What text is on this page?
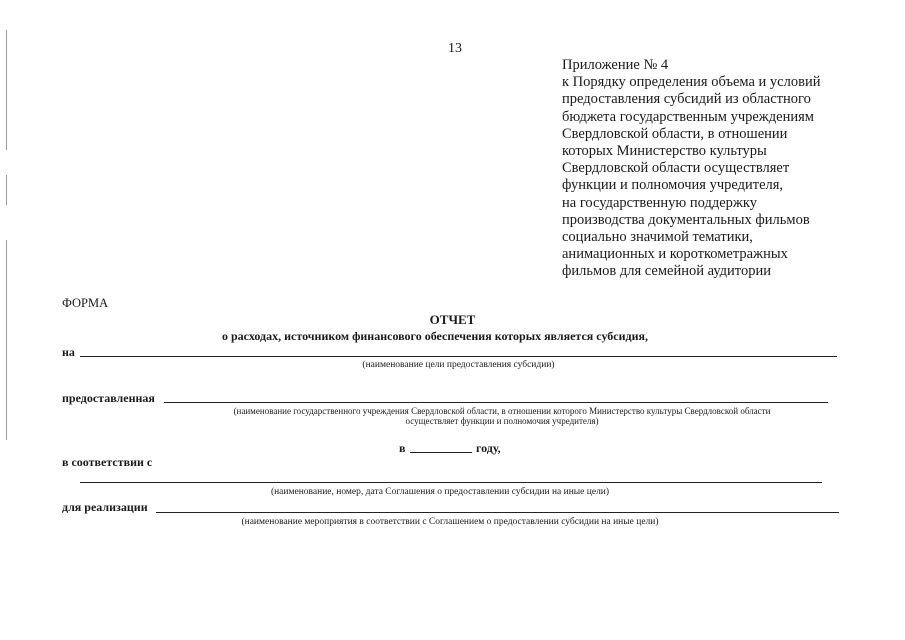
13
Приложение № 4
к Порядку определения объема и условий
предоставления субсидий из областного
бюджета государственным учреждениям
Свердловской области, в отношении
которых Министерство культуры
Свердловской области осуществляет
функции и полномочия учредителя,
на государственную поддержку
производства документальных фильмов
социально значимой тематики,
анимационных и короткометражных
фильмов для семейной аудитории
ФОРМА
ОТЧЕТ
о расходах, источником финансового обеспечения которых является субсидия,
на
(наименование цели предоставления субсидии)
предоставленная
(наименование государственного учреждения Свердловской области, в отношении которого Министерство культуры Свердловской области
осуществляет функции и полномочия учредителя)
в	году,
в соответствии с
(наименование, номер, дата Соглашения о предоставлении субсидии на иные цели)
для реализации
(наименование мероприятия в соответствии с Соглашением о предоставлении субсидии на иные цели)
